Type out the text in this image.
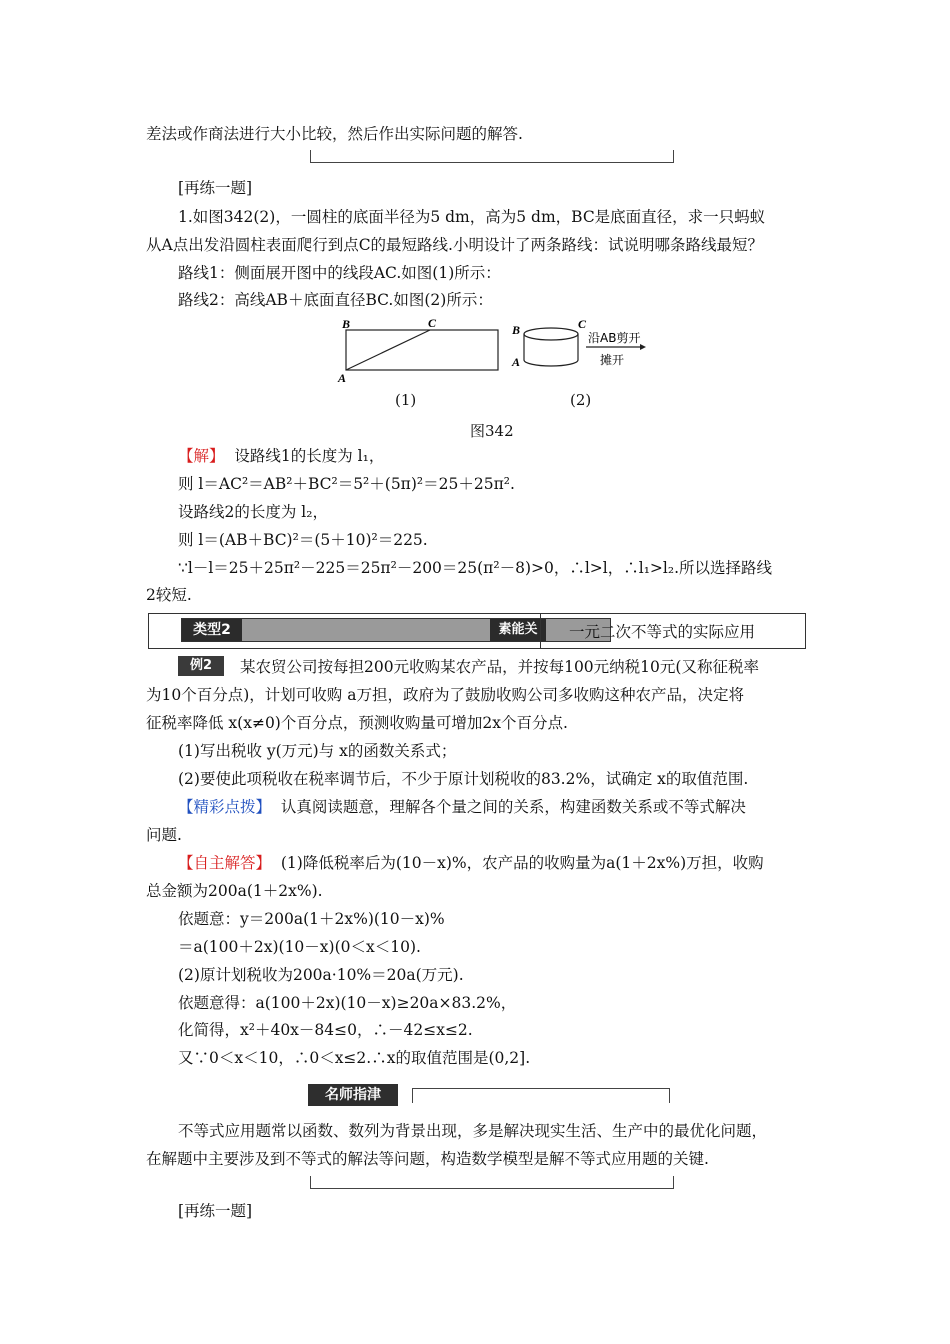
差法或作商法进行大小比较，然后作出实际问题的解答.
[再练一题]
1.如图342(2)，一圆柱的底面半径为5 dm，高为5 dm，BC是底面直径，求一只蚂蚁
从A点出发沿圆柱表面爬行到点C的最短路线.小明设计了两条路线：试说明哪条路线最短？
路线1：侧面展开图中的线段AC.如图(1)所示：
路线2：高线AB＋底面直径BC.如图(2)所示：
B	C
A
B	C
A
沿AB剪开
摊开
(1)	(2)
图342
【解】 设路线1的长度为 l₁，
则 l＝AC²＝AB²＋BC²＝5²＋(5π)²＝25＋25π².
设路线2的长度为 l₂，
则 l＝(AB＋BC)²＝(5＋10)²＝225.
∵l－l＝25＋25π²－225＝25π²－200＝25(π²－8)>0，∴l>l，∴l₁>l₂.所以选择路线
2较短.
类型2	素能关	一元二次不等式的实际应用
例2	某农贸公司按每担200元收购某农产品，并按每100元纳税10元(又称征税率
为10个百分点)，计划可收购 a万担，政府为了鼓励收购公司多收购这种农产品，决定将
征税率降低 x(x≠0)个百分点，预测收购量可增加2x个百分点.
(1)写出税收 y(万元)与 x的函数关系式；
(2)要使此项税收在税率调节后，不少于原计划税收的83.2%，试确定 x的取值范围.
【精彩点拨】 认真阅读题意，理解各个量之间的关系，构建函数关系或不等式解决
问题.
【自主解答】 (1)降低税率后为(10－x)%，农产品的收购量为a(1＋2x%)万担，收购
总金额为200a(1＋2x%).
依题意：y＝200a(1＋2x%)(10－x)%
＝a(100＋2x)(10－x)(0＜x＜10).
(2)原计划税收为200a·10%＝20a(万元).
依题意得：a(100＋2x)(10－x)≥20a×83.2%，
化简得，x²＋40x－84≤0，∴－42≤x≤2.
又∵0＜x＜10，∴0＜x≤2.∴x的取值范围是(0,2].
名师指津
不等式应用题常以函数、数列为背景出现，多是解决现实生活、生产中的最优化问题，
在解题中主要涉及到不等式的解法等问题，构造数学模型是解不等式应用题的关键.
[再练一题]
